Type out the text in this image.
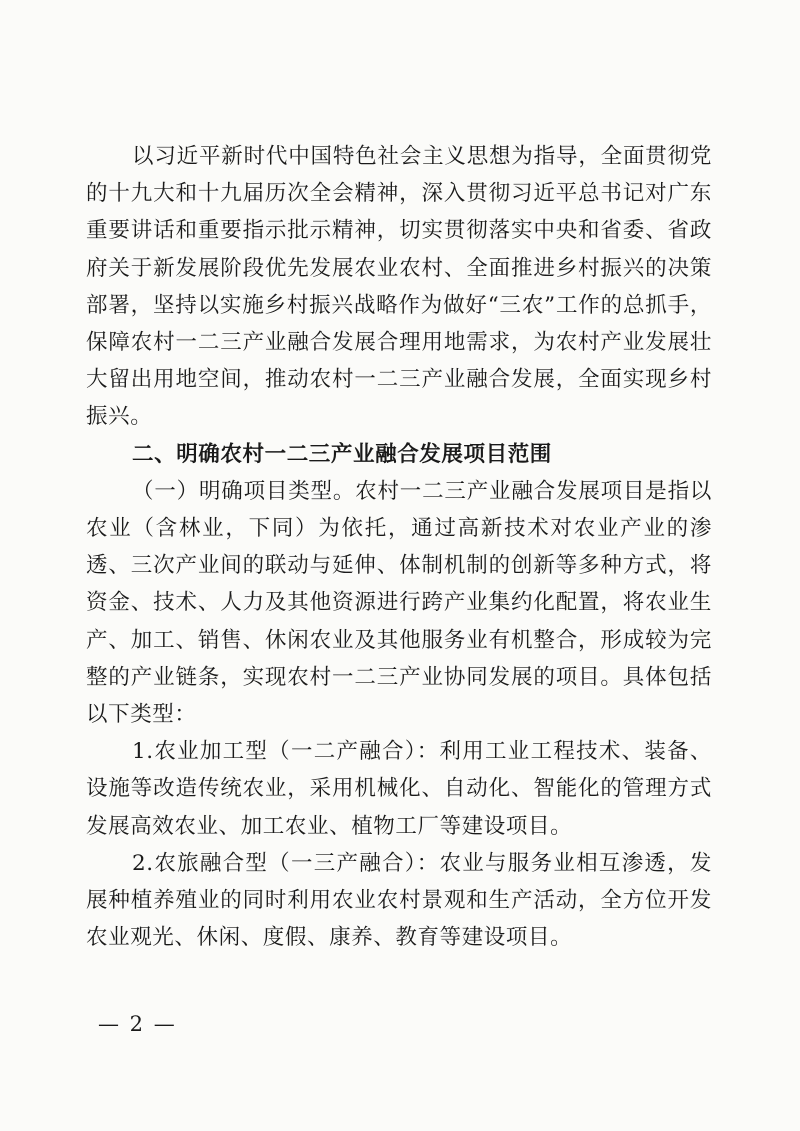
以习近平新时代中国特色社会主义思想为指导，全面贯彻党的十九大和十九届历次全会精神，深入贯彻习近平总书记对广东重要讲话和重要指示批示精神，切实贯彻落实中央和省委、省政府关于新发展阶段优先发展农业农村、全面推进乡村振兴的决策部署，坚持以实施乡村振兴战略作为做好“三农”工作的总抓手，保障农村一二三产业融合发展合理用地需求，为农村产业发展壮大留出用地空间，推动农村一二三产业融合发展，全面实现乡村振兴。

二、明确农村一二三产业融合发展项目范围

（一）明确项目类型。农村一二三产业融合发展项目是指以农业（含林业，下同）为依托，通过高新技术对农业产业的渗透、三次产业间的联动与延伸、体制机制的创新等多种方式，将资金、技术、人力及其他资源进行跨产业集约化配置，将农业生产、加工、销售、休闲农业及其他服务业有机整合，形成较为完整的产业链条，实现农村一二三产业协同发展的项目。具体包括以下类型：

1.农业加工型（一二产融合）：利用工业工程技术、装备、设施等改造传统农业，采用机械化、自动化、智能化的管理方式发展高效农业、加工农业、植物工厂等建设项目。

2.农旅融合型（一三产融合）：农业与服务业相互渗透，发展种植养殖业的同时利用农业农村景观和生产活动，全方位开发农业观光、休闲、度假、康养、教育等建设项目。

— 2 —
